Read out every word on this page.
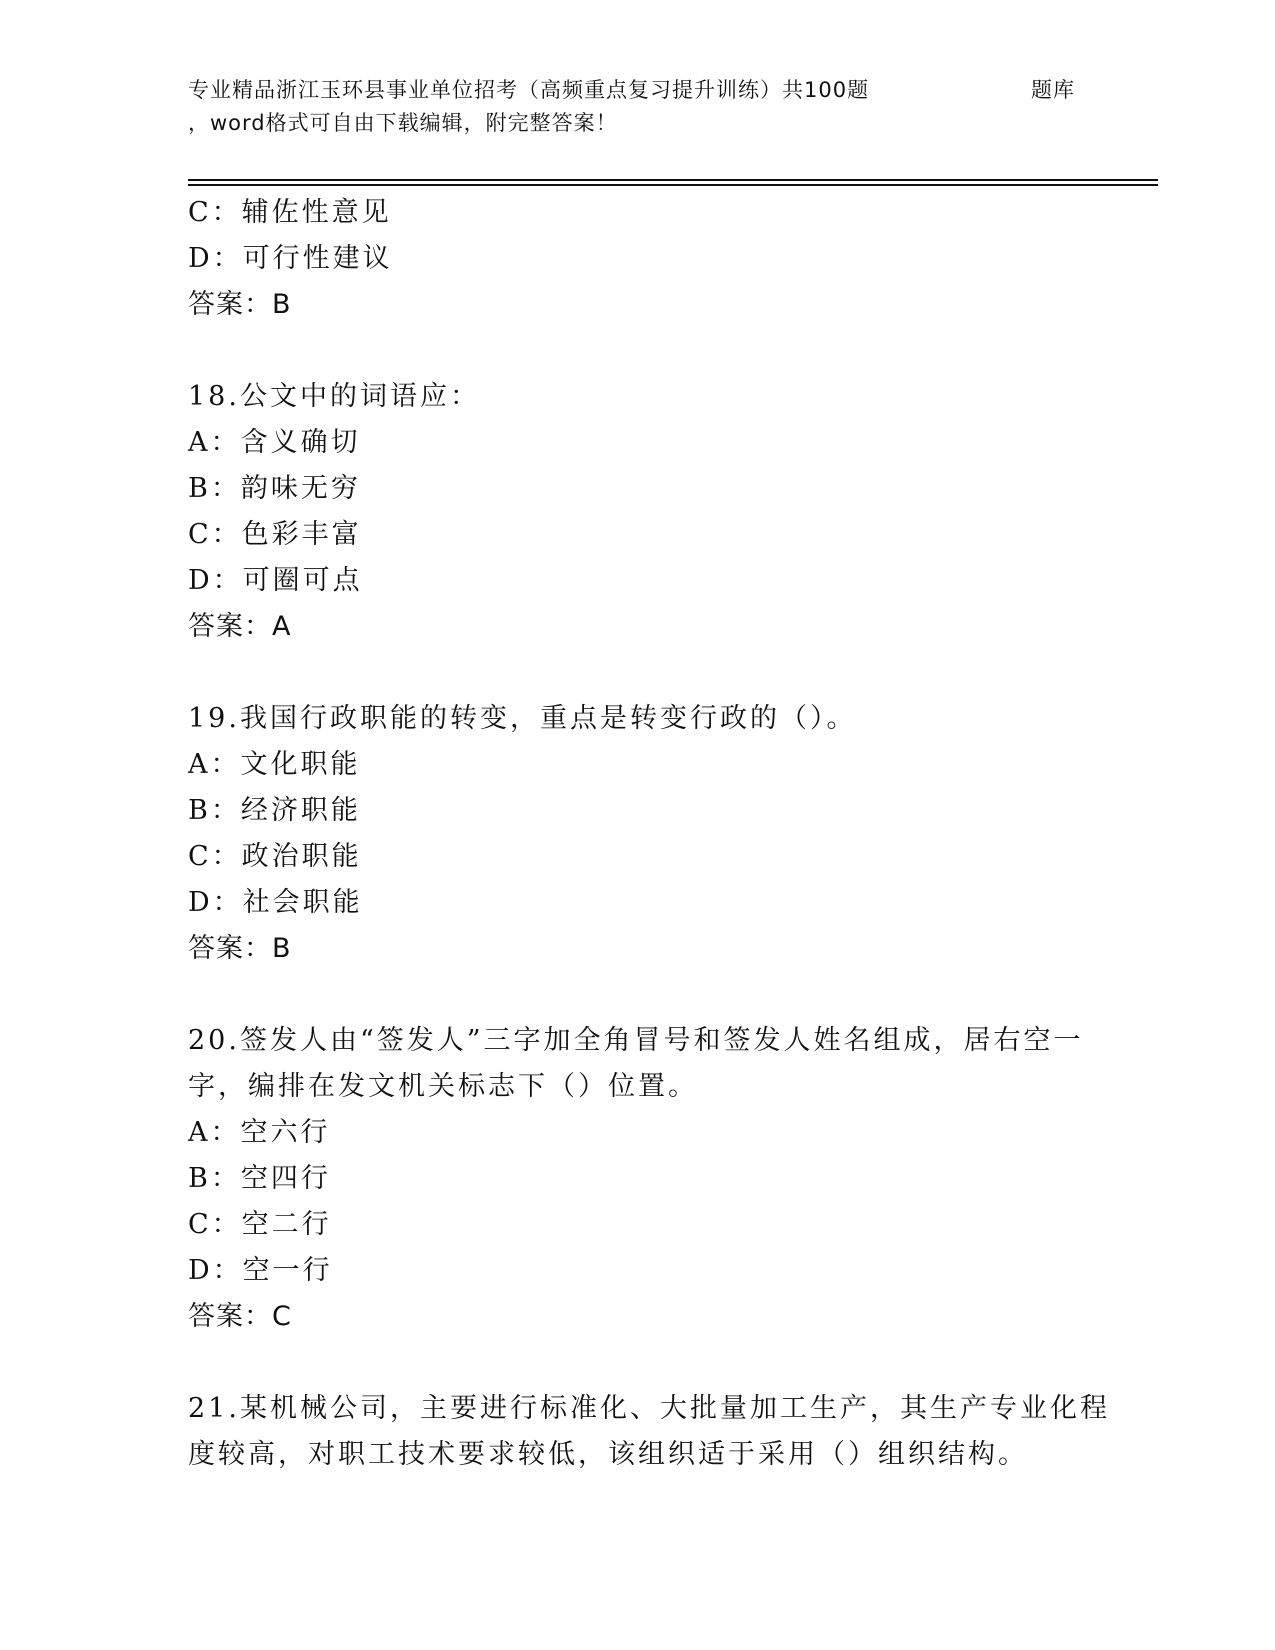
专业精品浙江玉环县事业单位招考（高频重点复习提升训练）共100题	题库
，word格式可自由下载编辑，附完整答案！
C：辅佐性意见
D：可行性建议
答案：B
18.公文中的词语应：
A：含义确切
B：韵味无穷
C：色彩丰富
D：可圈可点
答案：A
19.我国行政职能的转变，重点是转变行政的（）。
A：文化职能
B：经济职能
C：政治职能
D：社会职能
答案：B
20.签发人由“签发人”三字加全角冒号和签发人姓名组成，居右空一
字，编排在发文机关标志下（）位置。
A：空六行
B：空四行
C：空二行
D：空一行
答案：C
21.某机械公司，主要进行标准化、大批量加工生产，其生产专业化程
度较高，对职工技术要求较低，该组织适于采用（）组织结构。
